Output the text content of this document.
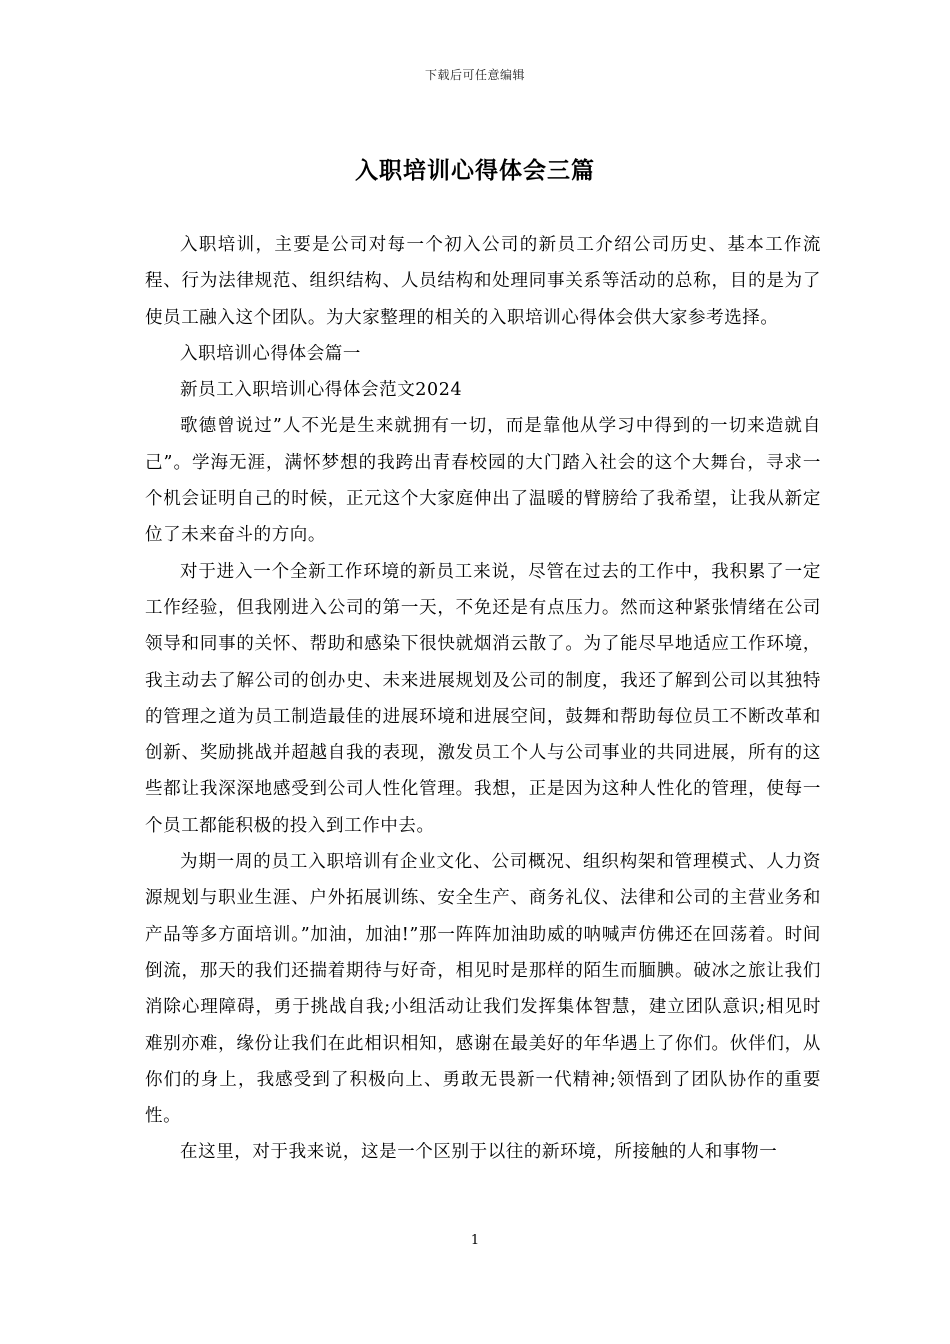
下载后可任意编辑
入职培训心得体会三篇

入职培训，主要是公司对每一个初入公司的新员工介绍公司历史、基本工作流程、行为法律规范、组织结构、人员结构和处理同事关系等活动的总称，目的是为了使员工融入这个团队。为大家整理的相关的入职培训心得体会供大家参考选择。

入职培训心得体会篇一

新员工入职培训心得体会范文2024

歌德曾说过”人不光是生来就拥有一切，而是靠他从学习中得到的一切来造就自己”。学海无涯，满怀梦想的我跨出青春校园的大门踏入社会的这个大舞台，寻求一个机会证明自己的时候，正元这个大家庭伸出了温暖的臂膀给了我希望，让我从新定位了未来奋斗的方向。

对于进入一个全新工作环境的新员工来说，尽管在过去的工作中，我积累了一定工作经验，但我刚进入公司的第一天，不免还是有点压力。然而这种紧张情绪在公司领导和同事的关怀、帮助和感染下很快就烟消云散了。为了能尽早地适应工作环境，我主动去了解公司的创办史、未来进展规划及公司的制度，我还了解到公司以其独特的管理之道为员工制造最佳的进展环境和进展空间，鼓舞和帮助每位员工不断改革和创新、奖励挑战并超越自我的表现，激发员工个人与公司事业的共同进展，所有的这些都让我深深地感受到公司人性化管理。我想，正是因为这种人性化的管理，使每一个员工都能积极的投入到工作中去。

为期一周的员工入职培训有企业文化、公司概况、组织构架和管理模式、人力资源规划与职业生涯、户外拓展训练、安全生产、商务礼仪、法律和公司的主营业务和产品等多方面培训。”加油，加油!”那一阵阵加油助威的呐喊声仿佛还在回荡着。时间倒流，那天的我们还揣着期待与好奇，相见时是那样的陌生而腼腆。破冰之旅让我们消除心理障碍，勇于挑战自我;小组活动让我们发挥集体智慧，建立团队意识;相见时难别亦难，缘份让我们在此相识相知，感谢在最美好的年华遇上了你们。伙伴们，从你们的身上，我感受到了积极向上、勇敢无畏新一代精神;领悟到了团队协作的重要性。

在这里，对于我来说，这是一个区别于以往的新环境，所接触的人和事物一

1
